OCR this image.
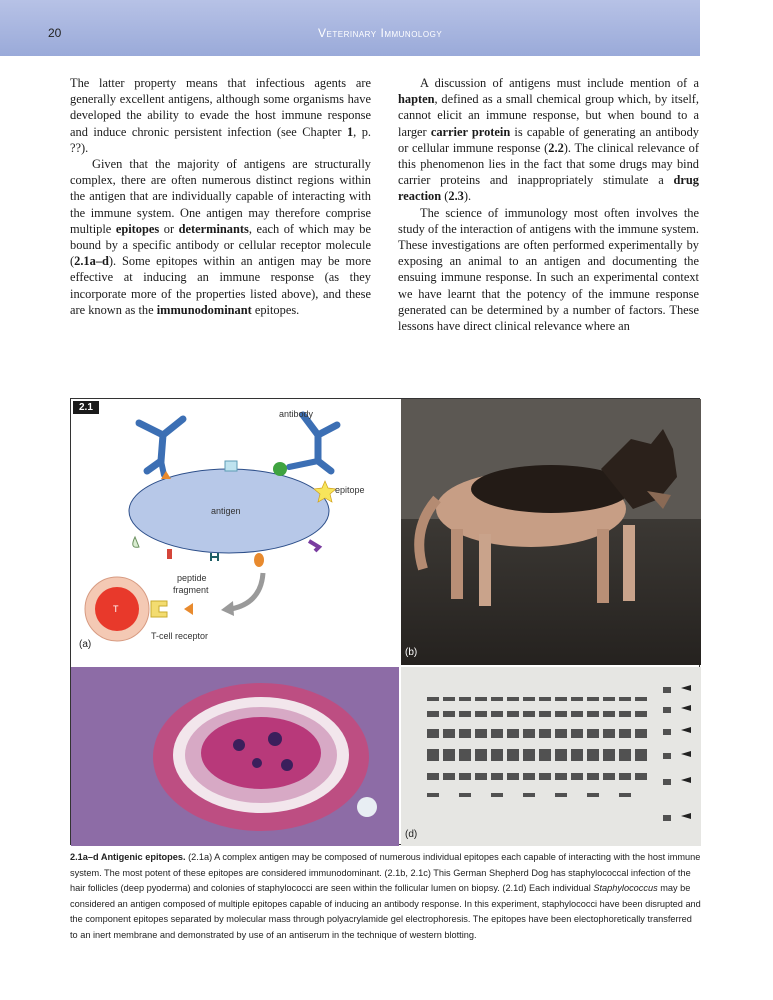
20	Veterinary Immunology

The latter property means that infectious agents are generally excellent antigens, although some organisms have developed the ability to evade the host immune response and induce chronic persistent infection (see Chapter 1, p. ??).

Given that the majority of antigens are structurally complex, there are often numerous distinct regions within the antigen that are individually capable of interacting with the immune system. One antigen may therefore comprise multiple epitopes or determinants, each of which may be bound by a specific antibody or cellular receptor molecule (2.1a–d). Some epitopes within an antigen may be more effective at inducing an immune response (as they incorporate more of the properties listed above), and these are known as the immunodominant epitopes.

A discussion of antigens must include mention of a hapten, defined as a small chemical group which, by itself, cannot elicit an immune response, but when bound to a larger carrier protein is capable of generating an antibody or cellular immune response (2.2). The clinical relevance of this phenomenon lies in the fact that some drugs may bind carrier proteins and inappropriately stimulate a drug reaction (2.3).

The science of immunology most often involves the study of the interaction of antigens with the immune system. These investigations are often performed experimentally by exposing an animal to an antigen and documenting the ensuing immune response. In such an experimental context we have learnt that the potency of the immune response generated can be determined by a number of factors. These lessons have direct clinical relevance where an

antibody
antigen
epitope
peptide
fragment
T
T-cell receptor
2.1
(a)
(b)
(d)
2.1a–d Antigenic epitopes. (2.1a) A complex antigen may be composed of numerous individual epitopes each capable of interacting with the host immune system. The most potent of these epitopes are considered immunodominant. (2.1b, 2.1c) This German Shepherd Dog has staphylococcal infection of the hair follicles (deep pyoderma) and colonies of staphylococci are seen within the follicular lumen on biopsy. (2.1d) Each individual Staphylococcus may be considered an antigen composed of multiple epitopes capable of inducing an antibody response. In this experiment, staphylococci have been disrupted and the component epitopes separated by molecular mass through polyacrylamide gel electrophoresis. The epitopes have been electophoretically transferred to an inert membrane and demonstrated by use of an antiserum in the technique of western blotting.
